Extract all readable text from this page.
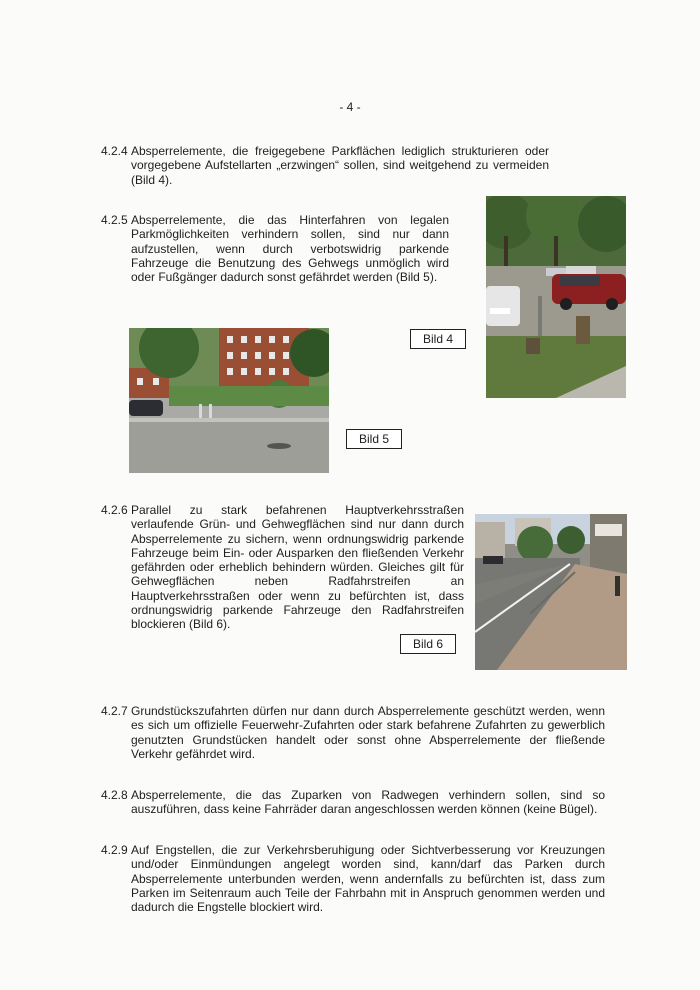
- 4 -
4.2.4 Absperrelemente, die freigegebene Parkflächen lediglich strukturieren oder vorgegebene Aufstellarten „erzwingen“ sollen, sind weitgehend zu vermeiden (Bild 4).
4.2.5 Absperrelemente, die das Hinterfahren von legalen Parkmöglichkeiten verhindern sollen, sind nur dann aufzustellen, wenn durch verbotswidrig parkende Fahrzeuge die Benutzung des Gehwegs unmöglich wird oder Fußgänger dadurch sonst gefährdet werden (Bild 5).
Bild 4
Bild 5
4.2.6 Parallel zu stark befahrenen Hauptverkehrsstraßen verlaufende Grün- und Gehwegflächen sind nur dann durch Absperrelemente zu sichern, wenn ordnungswidrig parkende Fahrzeuge beim Ein- oder Ausparken den fließenden Verkehr gefährden oder erheblich behindern würden. Gleiches gilt für Gehwegflächen neben Radfahrstreifen an Hauptverkehrsstraßen oder wenn zu befürchten ist, dass ordnungswidrig parkende Fahrzeuge den Radfahrstreifen blockieren (Bild 6).
Bild 6
4.2.7 Grundstückszufahrten dürfen nur dann durch Absperrelemente geschützt werden, wenn es sich um offizielle Feuerwehr-Zufahrten oder stark befahrene Zufahrten zu gewerblich genutzten Grundstücken handelt oder sonst ohne Absperrelemente der fließende Verkehr gefährdet wird.
4.2.8 Absperrelemente, die das Zuparken von Radwegen verhindern sollen, sind so auszuführen, dass keine Fahrräder daran angeschlossen werden können (keine Bügel).
4.2.9 Auf Engstellen, die zur Verkehrsberuhigung oder Sichtverbesserung vor Kreuzungen und/oder Einmündungen angelegt worden sind, kann/darf das Parken durch Absperrelemente unterbunden werden, wenn andernfalls zu befürchten ist, dass zum Parken im Seitenraum auch Teile der Fahrbahn mit in Anspruch genommen werden und dadurch die Engstelle blockiert wird.
